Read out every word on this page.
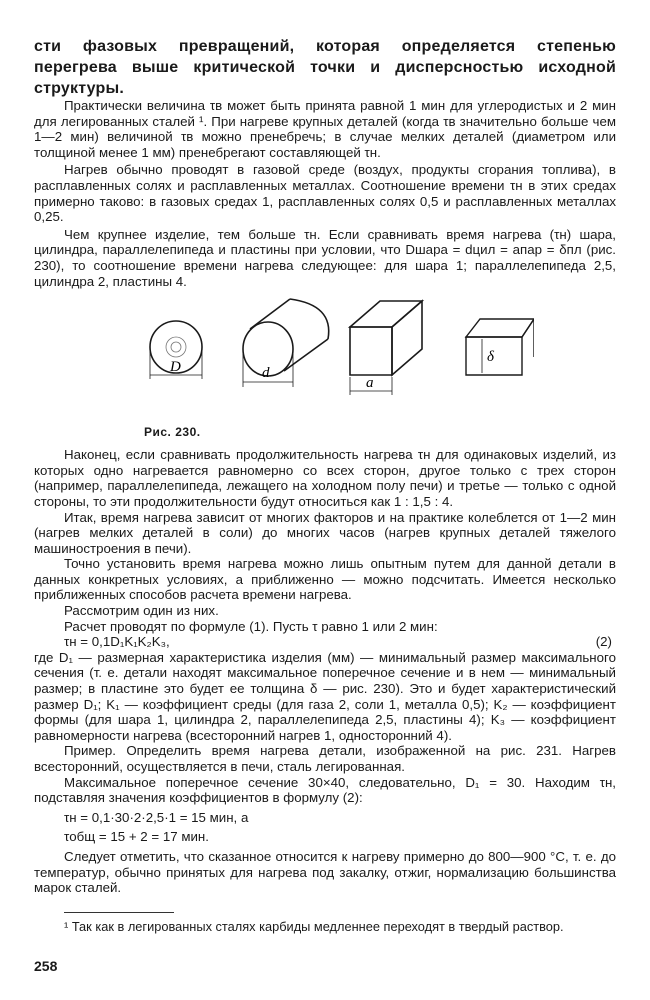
сти фазовых превращений, которая определяется степенью перегрева выше критической точки и дисперсностью исходной структуры.

Практически величина τв может быть принята равной 1 мин для углеродистых и 2 мин для легированных сталей ¹. При нагреве крупных деталей (когда τв значительно больше чем 1—2 мин) величиной τв можно пренебречь; в случае мелких деталей (диаметром или толщиной менее 1 мм) пренебрегают составляющей τн.

Нагрев обычно проводят в газовой среде (воздух, продукты сгорания топлива), в расплавленных солях и расплавленных металлах. Соотношение времени τн в этих средах примерно таково: в газовых средах 1, расплавленных солях 0,5 и расплавленных металлах 0,25.

Чем крупнее изделие, тем больше τн. Если сравнивать время нагрева (τн) шара, цилиндра, параллелепипеда и пластины при условии, что Dшара = dцил = aпар = δпл (рис. 230), то соотношение времени нагрева следующее: для шара 1; параллелепипеда 2,5, цилиндра 2, пластины 4.

D	d
a
δ
Рис. 230.

Наконец, если сравнивать продолжительность нагрева τн для одинаковых изделий, из которых одно нагревается равномерно со всех сторон, другое только с трех сторон (например, параллелепипеда, лежащего на холодном полу печи) и третье — только с одной стороны, то эти продолжительности будут относиться как 1 : 1,5 : 4.

Итак, время нагрева зависит от многих факторов и на практике колеблется от 1—2 мин (нагрев мелких деталей в соли) до многих часов (нагрев крупных деталей тяжелого машиностроения в печи).

Точно установить время нагрева можно лишь опытным путем для данной детали в данных конкретных условиях, а приближенно — можно подсчитать. Имеется несколько приближенных способов расчета времени нагрева.

Рассмотрим один из них.

Расчет проводят по формуле (1). Пусть τ равно 1 или 2 мин:

τн = 0,1D₁K₁K₂K₃,	(2)

где D₁ — размерная характеристика изделия (мм) — минимальный размер максимального сечения (т. е. детали находят максимальное поперечное сечение и в нем — минимальный размер; в пластине это будет ее толщина δ — рис. 230). Это и будет характеристический размер D₁; K₁ — коэффициент среды (для газа 2, соли 1, металла 0,5); K₂ — коэффициент формы (для шара 1, цилиндра 2, параллелепипеда 2,5, пластины 4); K₃ — коэффициент равномерности нагрева (всесторонний нагрев 1, односторонний 4).

Пример. Определить время нагрева детали, изображенной на рис. 231. Нагрев всесторонний, осуществляется в печи, сталь легированная.

Максимальное поперечное сечение 30×40, следовательно, D₁ = 30. Находим τн, подставляя значения коэффициентов в формулу (2):

τн = 0,1·30·2·2,5·1 = 15 мин, а
τобщ = 15 + 2 = 17 мин.

Следует отметить, что сказанное относится к нагреву примерно до 800—900 °C, т. е. до температур, обычно принятых для нагрева под закалку, отжиг, нормализацию большинства марок сталей.

¹ Так как в легированных сталях карбиды медленнее переходят в твердый раствор.

258
